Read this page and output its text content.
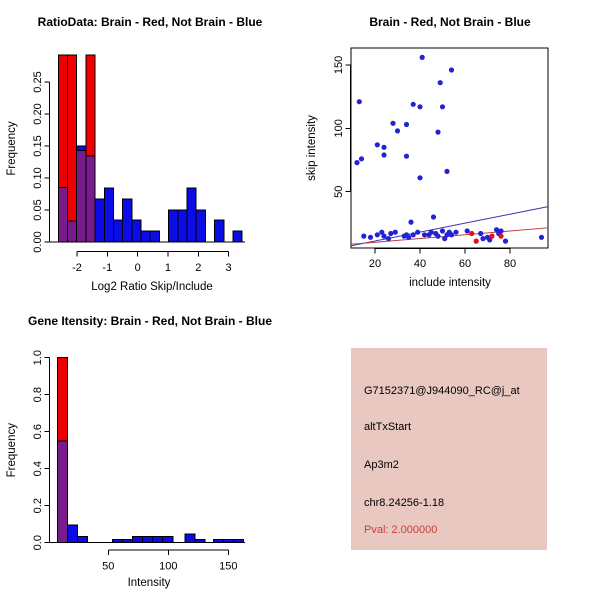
RatioData: Brain - Red, Not Brain - Blue
0.00
0.05
0.10
0.15
0.20
0.25
-2 -1 0 1 2 3
Log2 Ratio Skip/Include
Frequency
Brain - Red, Not Brain - Blue
50
100
150
20	40	60	80
include intensity
skip intensity
Gene Itensity: Brain - Red, Not Brain - Blue
0.0
0.2
0.4
0.6
0.8
1.0
50	100	150
Intensity
Frequency
G7152371@J944090_RC@j_at
altTxStart
Ap3m2
chr8.24256-1.18
Pval: 2.000000
